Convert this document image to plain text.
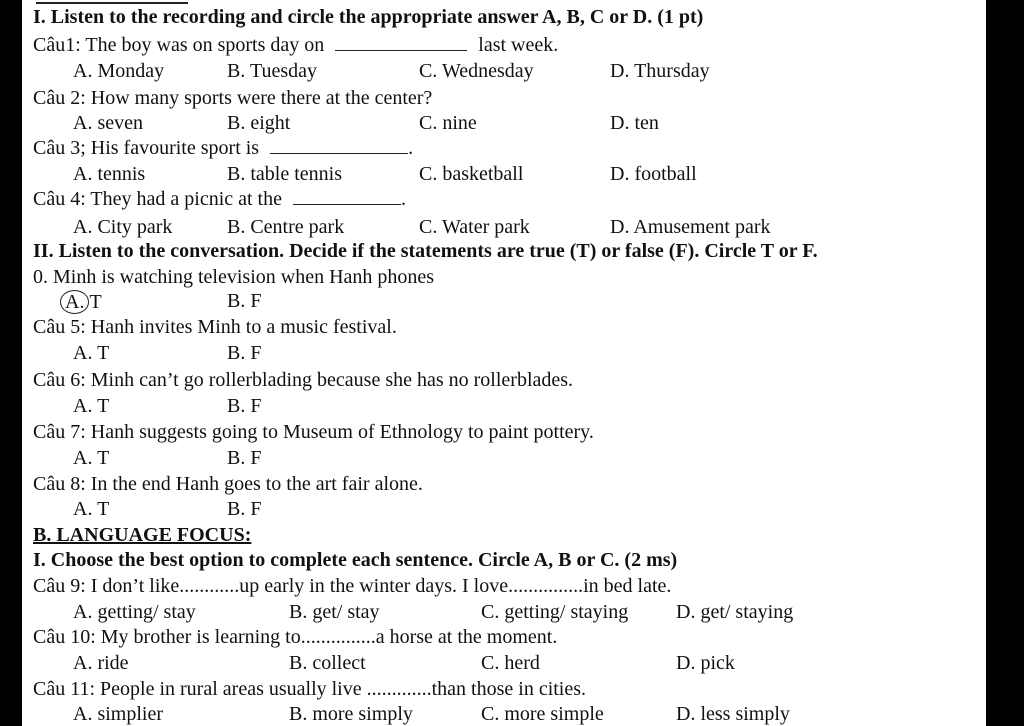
I. Listen to the recording and circle the appropriate answer A, B, C or D. (1 pt)
Câu1: The boy was on sports day on	last week.
A. Monday	B. Tuesday	C. Wednesday	D. Thursday
Câu 2: How many sports were there at the center?
A. seven	B. eight	C. nine	D. ten
Câu 3; His favourite sport is	.
A. tennis	B. table tennis	C. basketball	D. football
Câu 4: They had a picnic at the	.
A. City park	B. Centre park	C. Water park	D. Amusement park
II. Listen to the conversation. Decide if the statements are true (T) or false (F). Circle T or F.
0. Minh is watching television when Hanh phones
A. T	B. F
Câu 5: Hanh invites Minh to a music festival.
A. T	B. F
Câu 6: Minh can’t go rollerblading because she has no rollerblades.
A. T	B. F
Câu 7: Hanh suggests going to Museum of Ethnology to paint pottery.
A. T	B. F
Câu 8: In the end Hanh goes to the art fair alone.
A. T	B. F
B. LANGUAGE FOCUS:
I. Choose the best option to complete each sentence. Circle A, B or C. (2 ms)
Câu 9: I don’t like............up early in the winter days. I love...............in bed late.
A. getting/ stay	B. get/ stay	C. getting/ staying D. get/ staying
Câu 10: My brother is learning to...............a horse at the moment.
A. ride	B. collect	C. herd	D. pick
Câu 11: People in rural areas usually live .............than those in cities.
A. simplier	B. more simply	C. more simple	D. less simply
